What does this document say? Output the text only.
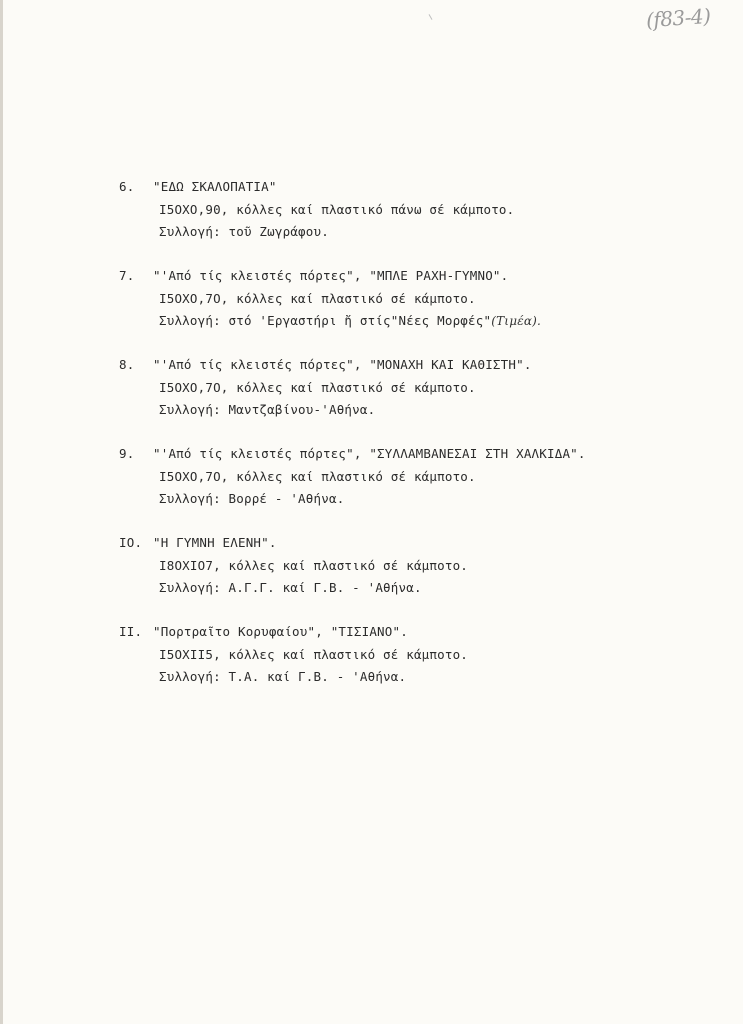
(f83-4)
6. "ΕΔΩ ΣΚΑΛΟΠΑΤΙΑ"
I5OXO,90, κόλλες καί πλαστικό πάνω σέ κάμποτο.
Συλλογή: τοῦ Ζωγράφου.
7. "'Από τίς κλειστές πόρτες", "ΜΠΛΕ ΡΑΧΗ-ΓΥΜΝΟ".
I5OXO,7O, κόλλες καί πλαστικό σέ κάμποτο.
Συλλογή: στό 'Εργαστήρι ἤ στίς"Νέες Μορφές"(Τιμέα).
8. "'Από τίς κλειστές πόρτες", "ΜΟΝΑΧΗ ΚΑΙ ΚΑΘΙΣΤΗ".
I5OXO,7O, κόλλες καί πλαστικό σέ κάμποτο.
Συλλογή: Μαντζαβίνου-'Αθήνα.
9. "'Από τίς κλειστές πόρτες", "ΣΥΛΛΑΜΒΑΝΕΣΑΙ ΣΤΗ ΧΑΛΚΙΔΑ".
I5OXO,7O, κόλλες καί πλαστικό σέ κάμποτο.
Συλλογή: Βορρέ - 'Αθήνα.
IO. "Η ΓΥΜΝΗ ΕΛΕΝΗ".
I8OXIO7, κόλλες καί πλαστικό σέ κάμποτο.
Συλλογή: Α.Γ.Γ. καί Γ.Β. - 'Αθήνα.
II. "Πορτραῖτο Κορυφαίου", "ΤΙΣΙΑΝΟ".
I5OXII5, κόλλες καί πλαστικό σέ κάμποτο.
Συλλογή: Τ.Α. καί Γ.Β. - 'Αθήνα.
